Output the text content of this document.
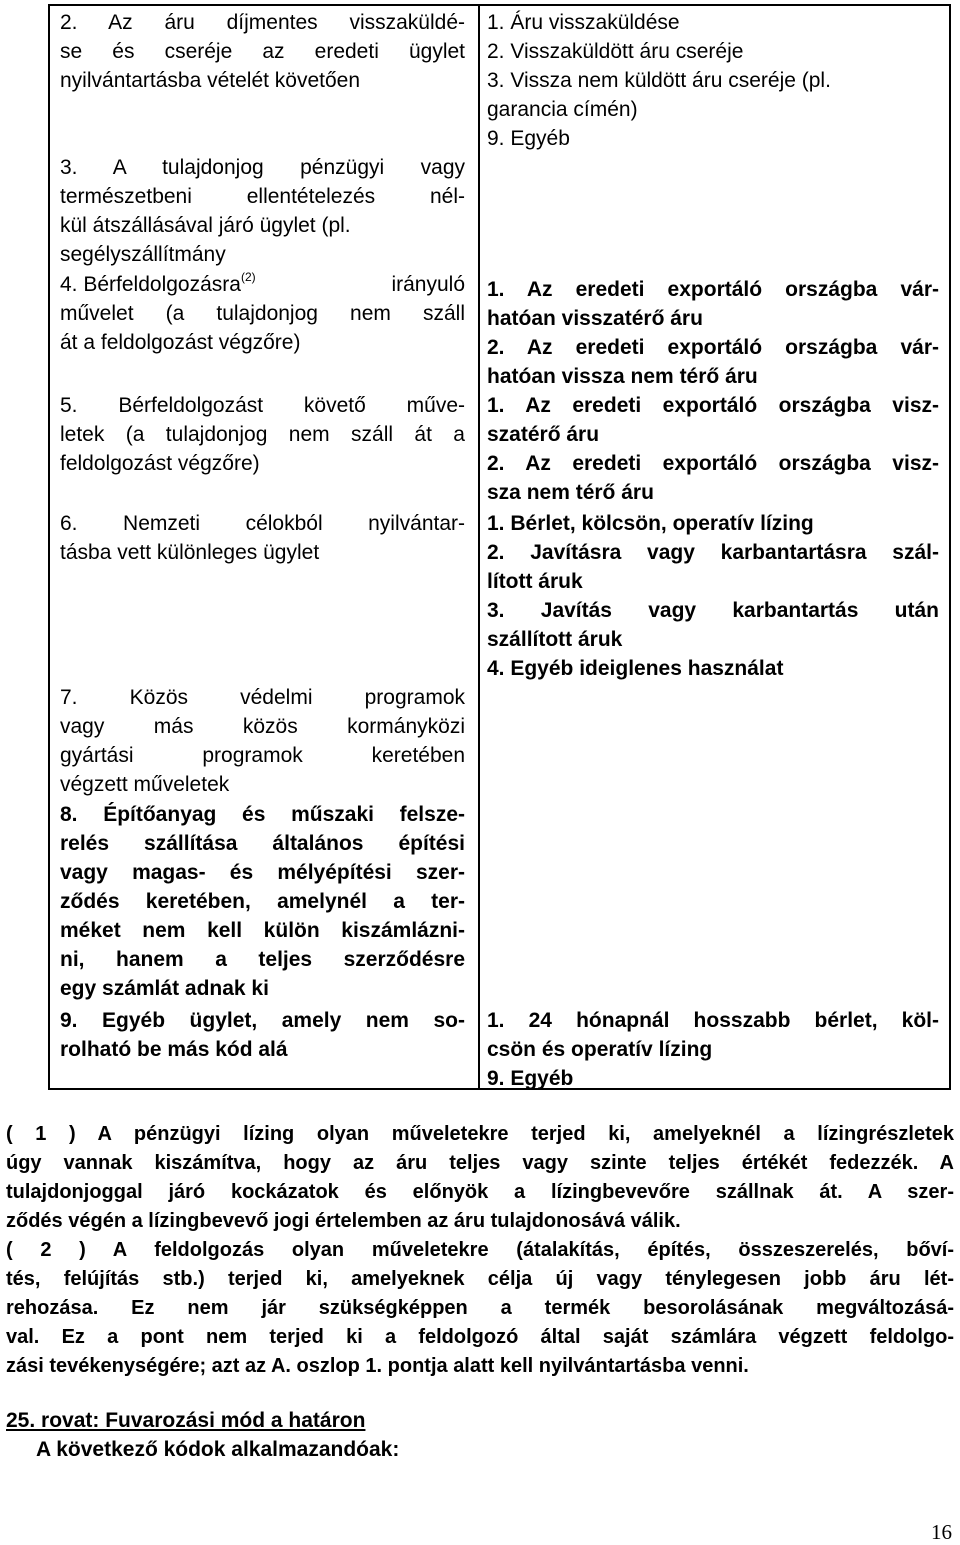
2. Az áru díjmentes visszaküldé-
se és cseréje az eredeti ügylet
nyilvántartásba vételét követően
1. Áru visszaküldése
2. Visszaküldött áru cseréje
3. Vissza nem küldött áru cseréje (pl.
garancia címén)
9. Egyéb
3. A tulajdonjog pénzügyi vagy
természetbeni ellentételezés nél-
kül átszállásával járó ügylet (pl.
segélyszállítmány
4. Bérfeldolgozásra$^{(2)}$	irányuló
művelet (a tulajdonjog nem száll
át a feldolgozást végzőre)
1. Az eredeti exportáló országba vár-
hatóan visszatérő áru
2. Az eredeti exportáló országba vár-
hatóan vissza nem térő áru
5. Bérfeldolgozást követő műve-
letek (a tulajdonjog nem száll át a
feldolgozást végzőre)
1. Az eredeti exportáló országba visz-
szatérő áru
2. Az eredeti exportáló országba visz-
sza nem térő áru
6. Nemzeti célokból nyilvántar-
tásba vett különleges ügylet
1. Bérlet, kölcsön, operatív lízing
2. Javításra vagy karbantartásra szál-
lított áruk
3. Javítás vagy karbantartás után
szállított áruk
4. Egyéb ideiglenes használat
7. Közös védelmi programok
vagy más közös kormányközi
gyártási programok keretében
végzett műveletek
8. Építőanyag és műszaki felsze-
relés szállítása általános építési
vagy magas- és mélyépítési szer-
ződés keretében, amelynél a ter-
méket nem kell külön kiszámlázni-
ni, hanem a teljes szerződésre
egy számlát adnak ki
9. Egyéb ügylet, amely nem so-
rolható be más kód alá
1. 24 hónapnál hosszabb bérlet, köl-
csön és operatív lízing
9. Egyéb

( 1 ) A pénzügyi lízing olyan műveletekre terjed ki, amelyeknél a lízingrészletek
úgy vannak kiszámítva, hogy az áru teljes vagy szinte teljes értékét fedezzék. A
tulajdonjoggal járó kockázatok és előnyök a lízingbevevőre szállnak át. A szer-
ződés végén a lízingbevevő jogi értelemben az áru tulajdonosává válik.

( 2 ) A feldolgozás olyan műveletekre (átalakítás, építés, összeszerelés, bőví-
tés, felújítás stb.) terjed ki, amelyeknek célja új vagy ténylegesen jobb áru lét-
rehozása. Ez nem jár szükségképpen a termék besorolásának megváltozásá-
val. Ez a pont nem terjed ki a feldolgozó által saját számlára végzett feldolgo-
zási tevékenységére; azt az A. oszlop 1. pontja alatt kell nyilvántartásba venni.

25. rovat: Fuvarozási mód a határon
A következő kódok alkalmazandóak:
16
